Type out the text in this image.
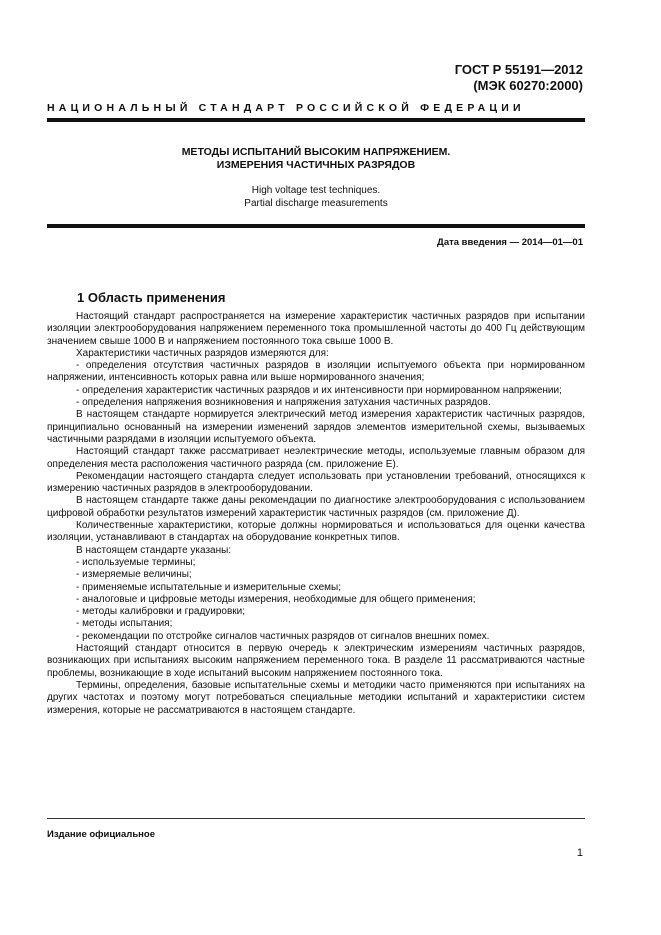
ГОСТ Р 55191—2012
(МЭК 60270:2000)
НАЦИОНАЛЬНЫЙ СТАНДАРТ РОССИЙСКОЙ ФЕДЕРАЦИИ
МЕТОДЫ ИСПЫТАНИЙ ВЫСОКИМ НАПРЯЖЕНИЕМ.
ИЗМЕРЕНИЯ ЧАСТИЧНЫХ РАЗРЯДОВ
High voltage test techniques.
Partial discharge measurements
Дата введения — 2014—01—01
1 Область применения

Настоящий стандарт распространяется на измерение характеристик частичных разрядов при испытании изоляции электрооборудования напряжением переменного тока промышленной частоты до 400 Гц действующим значением свыше 1000 В и напряжением постоянного тока свыше 1000 В.

Характеристики частичных разрядов измеряются для:

- определения отсутствия частичных разрядов в изоляции испытуемого объекта при нормированном напряжении, интенсивность которых равна или выше нормированного значения;

- определения характеристик частичных разрядов и их интенсивности при нормированном напряжении;

- определения напряжения возникновения и напряжения затухания частичных разрядов.

В настоящем стандарте нормируется электрический метод измерения характеристик частичных разрядов, принципиально основанный на измерении изменений зарядов элементов измерительной схемы, вызываемых частичными разрядами в изоляции испытуемого объекта.

Настоящий стандарт также рассматривает неэлектрические методы, используемые главным образом для определения места расположения частичного разряда (см. приложение Е).

Рекомендации настоящего стандарта следует использовать при установлении требований, относящихся к измерению частичных разрядов в электрооборудовании.

В настоящем стандарте также даны рекомендации по диагностике электрооборудования с использованием цифровой обработки результатов измерений характеристик частичных разрядов (см. приложение Д).

Количественные характеристики, которые должны нормироваться и использоваться для оценки качества изоляции, устанавливают в стандартах на оборудование конкретных типов.

В настоящем стандарте указаны:

- используемые термины;

- измеряемые величины;

- применяемые испытательные и измерительные схемы;

- аналоговые и цифровые методы измерения, необходимые для общего применения;

- методы калибровки и градуировки;

- методы испытания;

- рекомендации по отстройке сигналов частичных разрядов от сигналов внешних помех.

Настоящий стандарт относится в первую очередь к электрическим измерениям частичных разрядов, возникающих при испытаниях высоким напряжением переменного тока. В разделе 11 рассматриваются частные проблемы, возникающие в ходе испытаний высоким напряжением постоянного тока.

Термины, определения, базовые испытательные схемы и методики часто применяются при испытаниях на других частотах и поэтому могут потребоваться специальные методики испытаний и характеристики систем измерения, которые не рассматриваются в настоящем стандарте.

Издание официальное
1
